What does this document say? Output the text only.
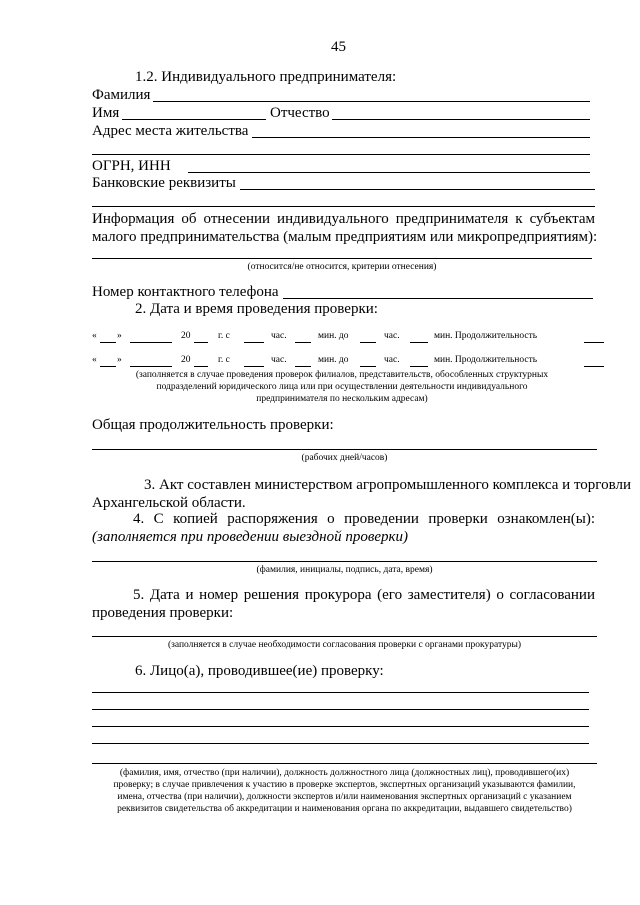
45
1.2. Индивидуального предпринимателя:
Фамилия
Имя	Отчество
Адрес места жительства
ОГРН, ИНН
Банковские реквизиты
Информация об отнесении индивидуального предпринимателя к субъектам
малого предпринимательства (малым предприятиям или микропредприятиям):
(относится/не относится, критерии отнесения)
Номер контактного телефона
2. Дата и время проведения проверки:
« »	20	г. с	час.	мин. до	час.	мин. Продолжительность
« »	20	г. с	час.	мин. до	час.	мин. Продолжительность
(заполняется в случае проведения проверок филиалов, представительств, обособленных структурных
подразделений юридического лица или при осуществлении деятельности индивидуального
предпринимателя по нескольким адресам)
Общая продолжительность проверки:
(рабочих дней/часов)
3. Акт составлен министерством агропромышленного комплекса и торговли
Архангельской области.
4. С копией распоряжения о проведении проверки ознакомлен(ы):
(заполняется при проведении выездной проверки)
(фамилия, инициалы, подпись, дата, время)
5. Дата и номер решения прокурора (его заместителя) о согласовании
проведения проверки:
(заполняется в случае необходимости согласования проверки с органами прокуратуры)
6. Лицо(а), проводившее(ие) проверку:
(фамилия, имя, отчество (при наличии), должность должностного лица (должностных лиц), проводившего(их)
проверку; в случае привлечения к участию в проверке экспертов, экспертных организаций указываются фамилии,
имена, отчества (при наличии), должности экспертов и/или наименования экспертных организаций с указанием
реквизитов свидетельства об аккредитации и наименования органа по аккредитации, выдавшего свидетельство)
